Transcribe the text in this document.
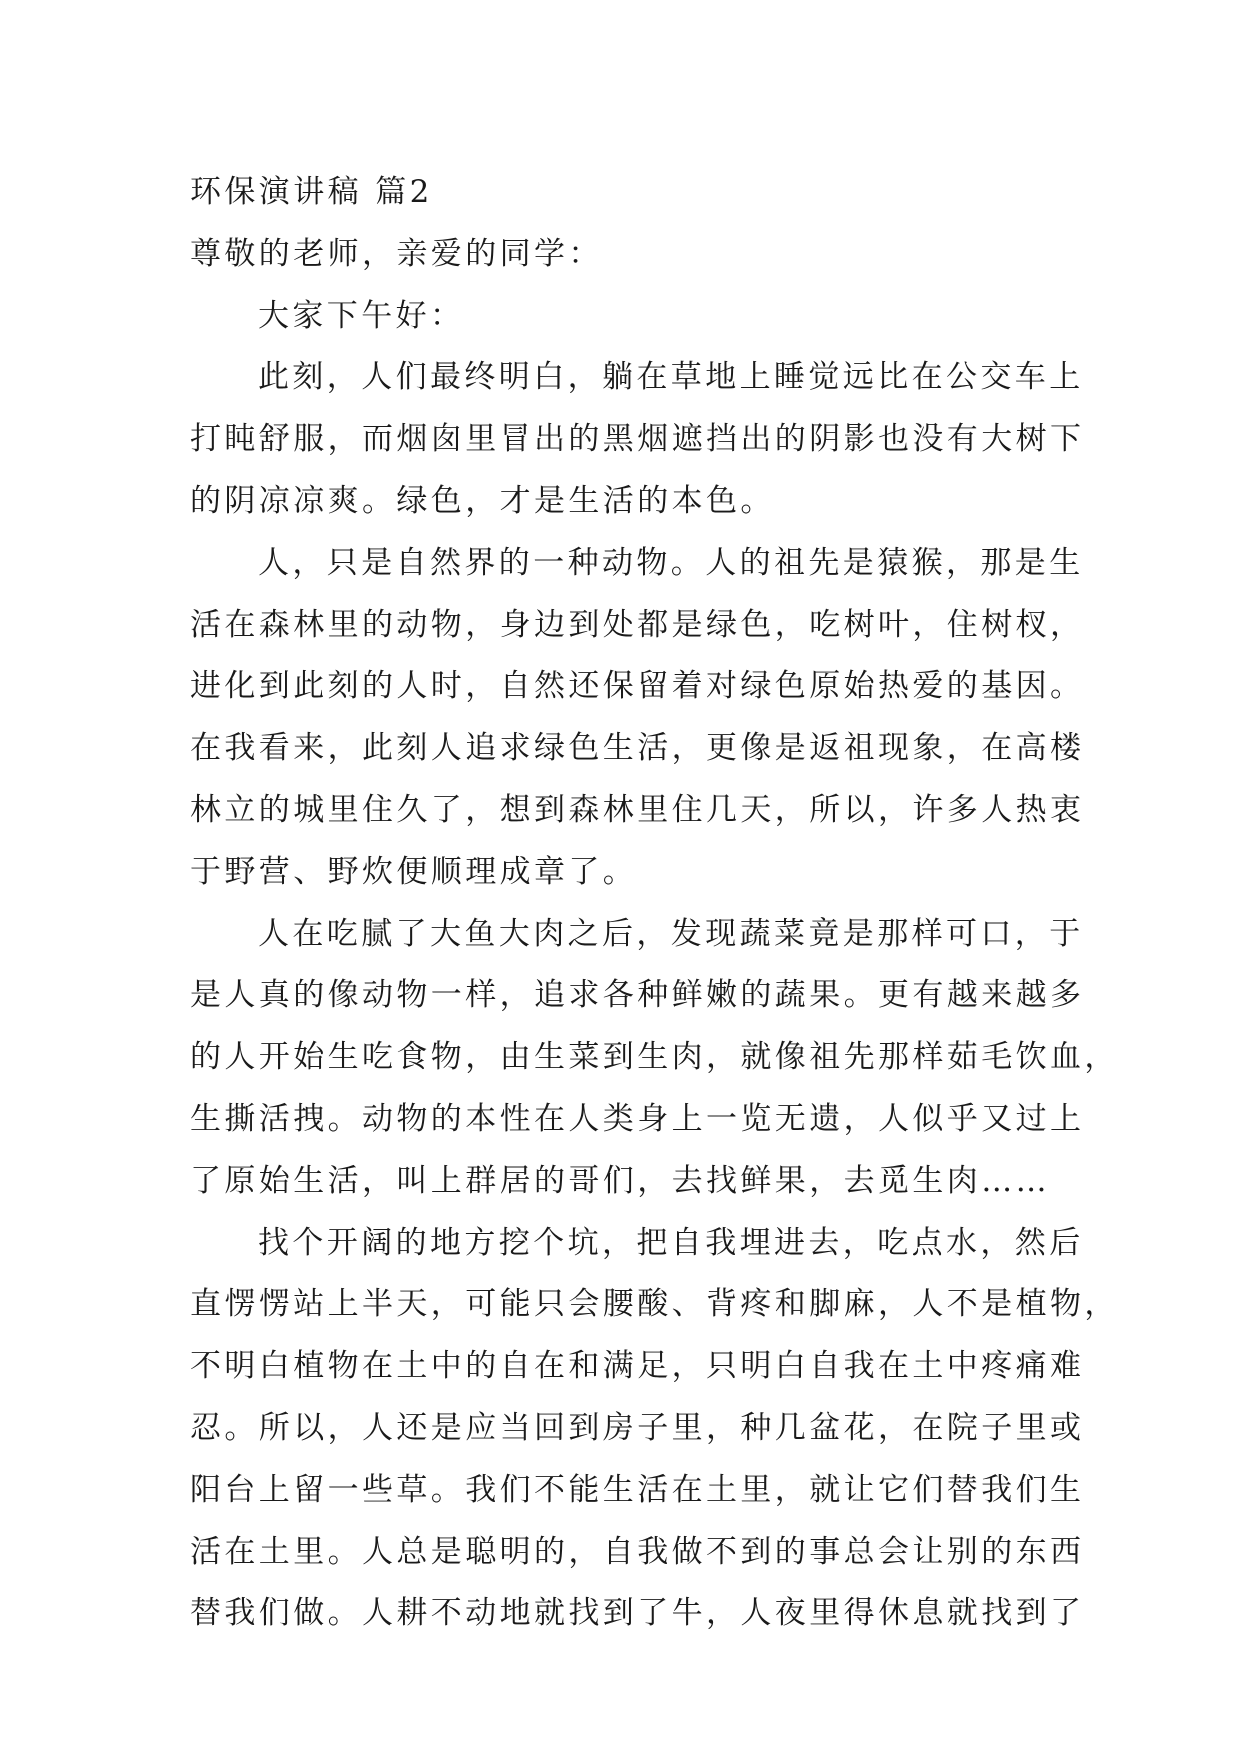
环保演讲稿 篇2
尊敬的老师，亲爱的同学：
大家下午好：
此刻，人们最终明白，躺在草地上睡觉远比在公交车上
打盹舒服，而烟囱里冒出的黑烟遮挡出的阴影也没有大树下
的阴凉凉爽。绿色，才是生活的本色。
人，只是自然界的一种动物。人的祖先是猿猴，那是生
活在森林里的动物，身边到处都是绿色，吃树叶，住树杈，
进化到此刻的人时，自然还保留着对绿色原始热爱的基因。
在我看来，此刻人追求绿色生活，更像是返祖现象，在高楼
林立的城里住久了，想到森林里住几天，所以，许多人热衷
于野营、野炊便顺理成章了。
人在吃腻了大鱼大肉之后，发现蔬菜竟是那样可口，于
是人真的像动物一样，追求各种鲜嫩的蔬果。更有越来越多
的人开始生吃食物，由生菜到生肉，就像祖先那样茹毛饮血，
生撕活拽。动物的本性在人类身上一览无遗，人似乎又过上
了原始生活，叫上群居的哥们，去找鲜果，去觅生肉……
找个开阔的地方挖个坑，把自我埋进去，吃点水，然后
直愣愣站上半天，可能只会腰酸、背疼和脚麻，人不是植物，
不明白植物在土中的自在和满足，只明白自我在土中疼痛难
忍。所以，人还是应当回到房子里，种几盆花，在院子里或
阳台上留一些草。我们不能生活在土里，就让它们替我们生
活在土里。人总是聪明的，自我做不到的事总会让别的东西
替我们做。人耕不动地就找到了牛，人夜里得休息就找到了
